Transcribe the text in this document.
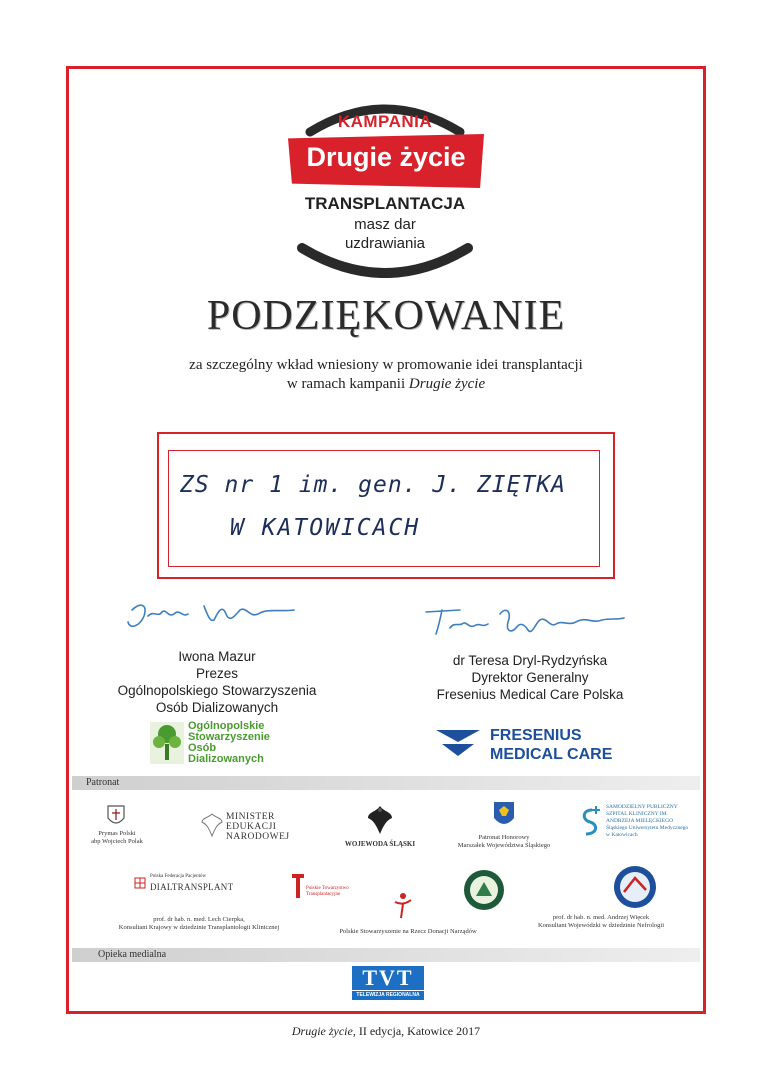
KAMPANIA
Drugie życie
TRANSPLANTACJA
masz dar
uzdrawiania
PODZIĘKOWANIE
za szczególny wkład wniesiony w promowanie idei transplantacji
w ramach kampanii Drugie życie
ZS nr 1 im. gen. J. ZIĘTKA
W KATOWICACH
Iwona Mazur
Prezes
Ogólnopolskiego Stowarzyszenia
Osób Dializowanych
dr Teresa Dryl-Rydzyńska
Dyrektor Generalny
Fresenius Medical Care Polska
Ogólnopolskie
Stowarzyszenie
Osób
Dializowanych
FRESENIUS
MEDICAL CARE
Patronat
Prymas Polski
abp Wojciech Polak
MINISTER
EDUKACJI
NARODOWEJ
WOJEWODA ŚLĄSKI
Patronat Honorowy
Marszałek Województwa Śląskiego
SAMODZIELNY PUBLICZNY SZPITAL KLINICZNY IM. ANDRZEJA MIELĘCKIEGO Śląskiego Uniwersytetu Medycznego w Katowicach
Polska Federacja Pacjentów
DIALTRANSPLANT	Polskie Towarzystwo Transplantacyjne
prof. dr hab. n. med. Lech Cierpka,
Konsultant Krajowy w dziedzinie Transplantologii Klinicznej
Polskie Stowarzyszenie na Rzecz Donacji Narządów
prof. dr hab. n. med. Andrzej Więcek
Konsultant Wojewódzki w dziedzinie Nefrologii
Opieka medialna
TVT
TELEWIZJA REGIONALNA
Drugie życie, II edycja, Katowice 2017
